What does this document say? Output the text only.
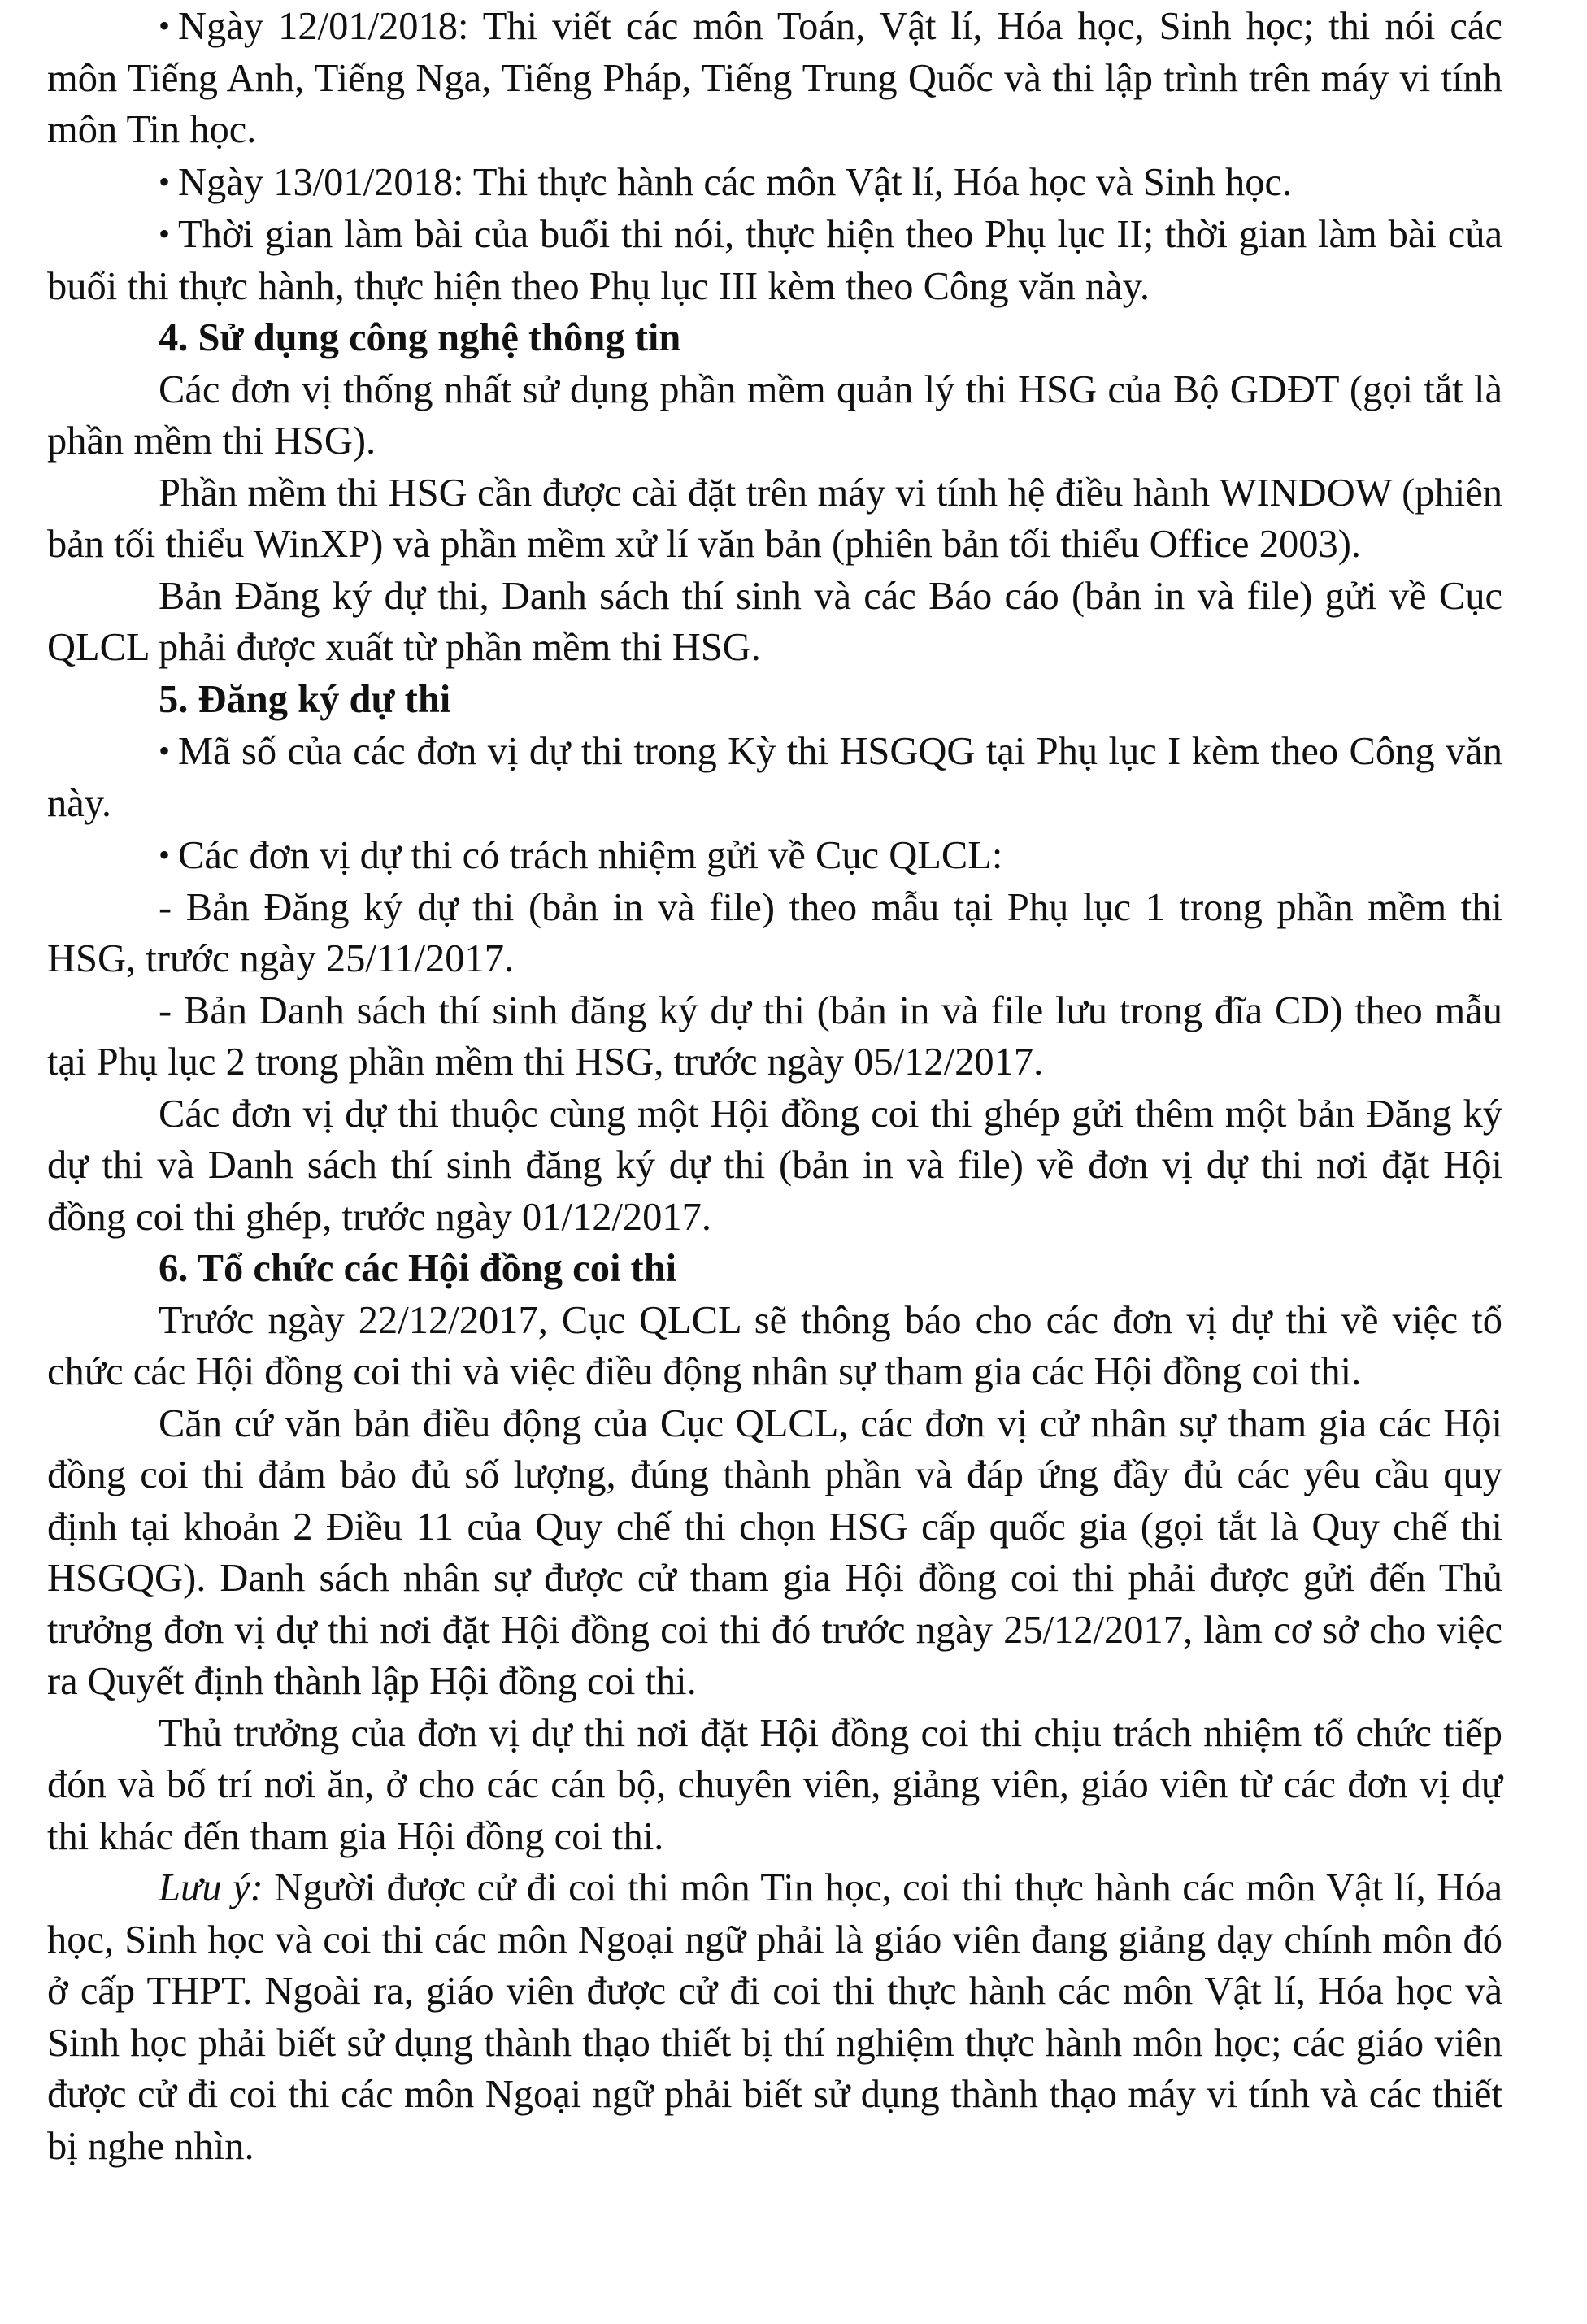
• Ngày 12/01/2018: Thi viết các môn Toán, Vật lí, Hóa học, Sinh học; thi nói các môn Tiếng Anh, Tiếng Nga, Tiếng Pháp, Tiếng Trung Quốc và thi lập trình trên máy vi tính môn Tin học.

• Ngày 13/01/2018: Thi thực hành các môn Vật lí, Hóa học và Sinh học.

• Thời gian làm bài của buổi thi nói, thực hiện theo Phụ lục II; thời gian làm bài của buổi thi thực hành, thực hiện theo Phụ lục III kèm theo Công văn này.

4. Sử dụng công nghệ thông tin

Các đơn vị thống nhất sử dụng phần mềm quản lý thi HSG của Bộ GDĐT (gọi tắt là phần mềm thi HSG).

Phần mềm thi HSG cần được cài đặt trên máy vi tính hệ điều hành WINDOW (phiên bản tối thiểu WinXP) và phần mềm xử lí văn bản (phiên bản tối thiểu Office 2003).

Bản Đăng ký dự thi, Danh sách thí sinh và các Báo cáo (bản in và file) gửi về Cục QLCL phải được xuất từ phần mềm thi HSG.

5. Đăng ký dự thi

• Mã số của các đơn vị dự thi trong Kỳ thi HSGQG tại Phụ lục I kèm theo Công văn này.

• Các đơn vị dự thi có trách nhiệm gửi về Cục QLCL:

- Bản Đăng ký dự thi (bản in và file) theo mẫu tại Phụ lục 1 trong phần mềm thi HSG, trước ngày 25/11/2017.

- Bản Danh sách thí sinh đăng ký dự thi (bản in và file lưu trong đĩa CD) theo mẫu tại Phụ lục 2 trong phần mềm thi HSG, trước ngày 05/12/2017.

Các đơn vị dự thi thuộc cùng một Hội đồng coi thi ghép gửi thêm một bản Đăng ký dự thi và Danh sách thí sinh đăng ký dự thi (bản in và file) về đơn vị dự thi nơi đặt Hội đồng coi thi ghép, trước ngày 01/12/2017.

6. Tổ chức các Hội đồng coi thi

Trước ngày 22/12/2017, Cục QLCL sẽ thông báo cho các đơn vị dự thi về việc tổ chức các Hội đồng coi thi và việc điều động nhân sự tham gia các Hội đồng coi thi.

Căn cứ văn bản điều động của Cục QLCL, các đơn vị cử nhân sự tham gia các Hội đồng coi thi đảm bảo đủ số lượng, đúng thành phần và đáp ứng đầy đủ các yêu cầu quy định tại khoản 2 Điều 11 của Quy chế thi chọn HSG cấp quốc gia (gọi tắt là Quy chế thi HSGQG). Danh sách nhân sự được cử tham gia Hội đồng coi thi phải được gửi đến Thủ trưởng đơn vị dự thi nơi đặt Hội đồng coi thi đó trước ngày 25/12/2017, làm cơ sở cho việc ra Quyết định thành lập Hội đồng coi thi.

Thủ trưởng của đơn vị dự thi nơi đặt Hội đồng coi thi chịu trách nhiệm tổ chức tiếp đón và bố trí nơi ăn, ở cho các cán bộ, chuyên viên, giảng viên, giáo viên từ các đơn vị dự thi khác đến tham gia Hội đồng coi thi.

Lưu ý: Người được cử đi coi thi môn Tin học, coi thi thực hành các môn Vật lí, Hóa học, Sinh học và coi thi các môn Ngoại ngữ phải là giáo viên đang giảng dạy chính môn đó ở cấp THPT. Ngoài ra, giáo viên được cử đi coi thi thực hành các môn Vật lí, Hóa học và Sinh học phải biết sử dụng thành thạo thiết bị thí nghiệm thực hành môn học; các giáo viên được cử đi coi thi các môn Ngoại ngữ phải biết sử dụng thành thạo máy vi tính và các thiết bị nghe nhìn.
